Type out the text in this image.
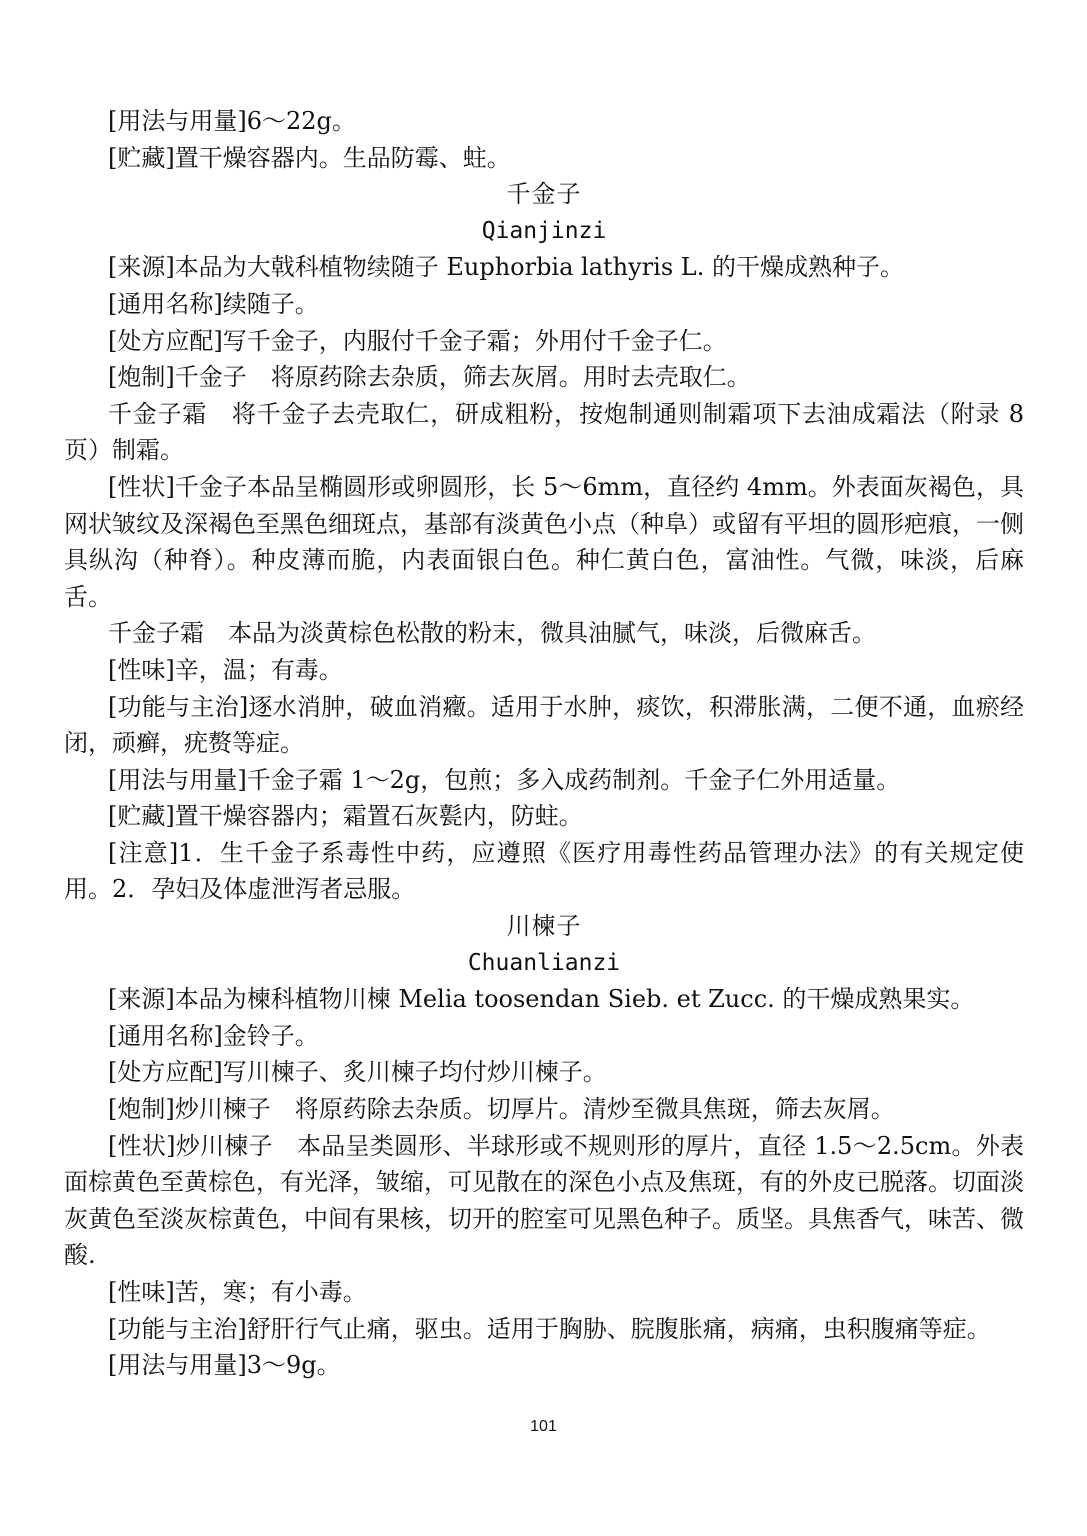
[用法与用量]6～22g。

[贮藏]置干燥容器内。生品防霉、蛀。

千金子

Qianjinzi

[来源]本品为大戟科植物续随子 Euphorbia lathyris L. 的干燥成熟种子。

[通用名称]续随子。

[处方应配]写千金子，内服付千金子霜；外用付千金子仁。

[炮制]千金子　将原药除去杂质，筛去灰屑。用时去壳取仁。

千金子霜　将千金子去壳取仁，研成粗粉，按炮制通则制霜项下去油成霜法（附录 8 页）制霜。

[性状]千金子本品呈椭圆形或卵圆形，长 5～6mm，直径约 4mm。外表面灰褐色，具网状皱纹及深褐色至黑色细斑点，基部有淡黄色小点（种阜）或留有平坦的圆形疤痕，一侧具纵沟（种脊）。种皮薄而脆，内表面银白色。种仁黄白色，富油性。气微，味淡，后麻舌。

千金子霜　本品为淡黄棕色松散的粉末，微具油腻气，味淡，后微麻舌。

[性味]辛，温；有毒。

[功能与主治]逐水消肿，破血消癥。适用于水肿，痰饮，积滞胀满，二便不通，血瘀经闭，顽癣，疣赘等症。

[用法与用量]千金子霜 1～2g，包煎；多入成药制剂。千金子仁外用适量。

[贮藏]置干燥容器内；霜置石灰甏内，防蛀。

[注意]1．生千金子系毒性中药，应遵照《医疗用毒性药品管理办法》的有关规定使用。2．孕妇及体虚泄泻者忌服。

川楝子

Chuanlianzi

[来源]本品为楝科植物川楝 Melia toosendan Sieb. et Zucc. 的干燥成熟果实。

[通用名称]金铃子。

[处方应配]写川楝子、炙川楝子均付炒川楝子。

[炮制]炒川楝子　将原药除去杂质。切厚片。清炒至微具焦斑，筛去灰屑。

[性状]炒川楝子　本品呈类圆形、半球形或不规则形的厚片，直径 1.5～2.5cm。外表面棕黄色至黄棕色，有光泽，皱缩，可见散在的深色小点及焦斑，有的外皮已脱落。切面淡灰黄色至淡灰棕黄色，中间有果核，切开的腔室可见黑色种子。质坚。具焦香气，味苦、微酸.

[性味]苦，寒；有小毒。

[功能与主治]舒肝行气止痛，驱虫。适用于胸胁、脘腹胀痛，病痛，虫积腹痛等症。

[用法与用量]3～9g。

101
